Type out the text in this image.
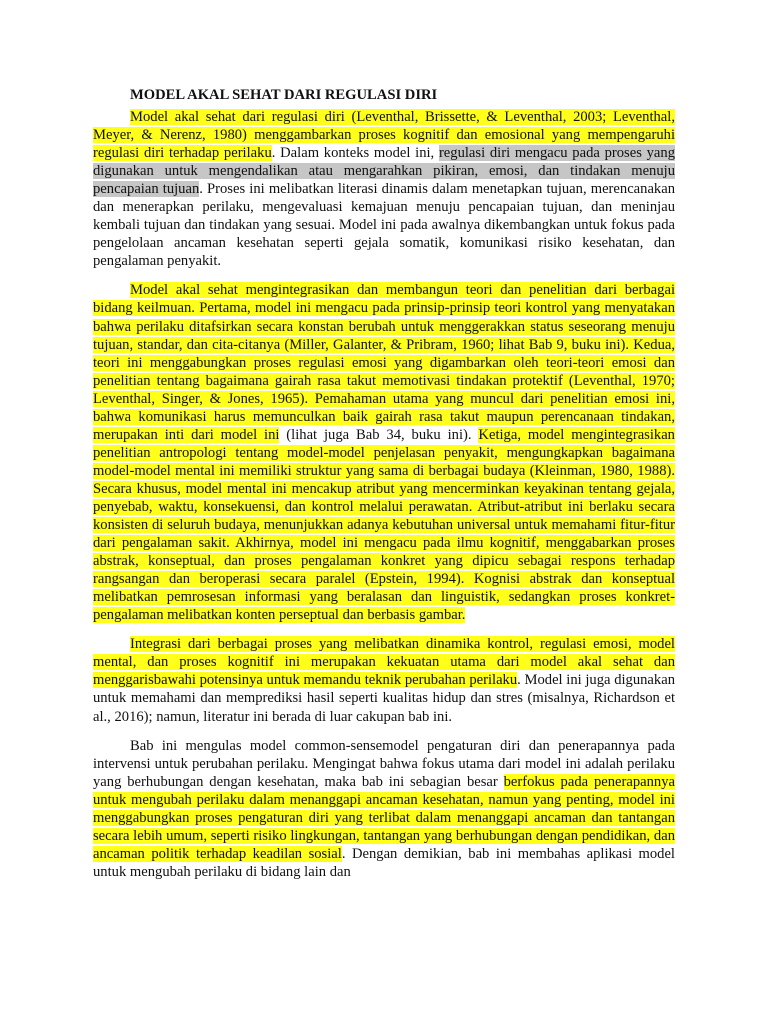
MODEL AKAL SEHAT DARI REGULASI DIRI

Model akal sehat dari regulasi diri (Leventhal, Brissette, & Leventhal, 2003; Leventhal, Meyer, & Nerenz, 1980) menggambarkan proses kognitif dan emosional yang mempengaruhi regulasi diri terhadap perilaku. Dalam konteks model ini, regulasi diri mengacu pada proses yang digunakan untuk mengendalikan atau mengarahkan pikiran, emosi, dan tindakan menuju pencapaian tujuan. Proses ini melibatkan literasi dinamis dalam menetapkan tujuan, merencanakan dan menerapkan perilaku, mengevaluasi kemajuan menuju pencapaian tujuan, dan meninjau kembali tujuan dan tindakan yang sesuai. Model ini pada awalnya dikembangkan untuk fokus pada pengelolaan ancaman kesehatan seperti gejala somatik, komunikasi risiko kesehatan, dan pengalaman penyakit.

Model akal sehat mengintegrasikan dan membangun teori dan penelitian dari berbagai bidang keilmuan. Pertama, model ini mengacu pada prinsip-prinsip teori kontrol yang menyatakan bahwa perilaku ditafsirkan secara konstan berubah untuk menggerakkan status seseorang menuju tujuan, standar, dan cita-citanya (Miller, Galanter, & Pribram, 1960; lihat Bab 9, buku ini). Kedua, teori ini menggabungkan proses regulasi emosi yang digambarkan oleh teori-teori emosi dan penelitian tentang bagaimana gairah rasa takut memotivasi tindakan protektif (Leventhal, 1970; Leventhal, Singer, & Jones, 1965). Pemahaman utama yang muncul dari penelitian emosi ini, bahwa komunikasi harus memunculkan baik gairah rasa takut maupun perencanaan tindakan, merupakan inti dari model ini (lihat juga Bab 34, buku ini). Ketiga, model mengintegrasikan penelitian antropologi tentang model-model penjelasan penyakit, mengungkapkan bagaimana model-model mental ini memiliki struktur yang sama di berbagai budaya (Kleinman, 1980, 1988). Secara khusus, model mental ini mencakup atribut yang mencerminkan keyakinan tentang gejala, penyebab, waktu, konsekuensi, dan kontrol melalui perawatan. Atribut-atribut ini berlaku secara konsisten di seluruh budaya, menunjukkan adanya kebutuhan universal untuk memahami fitur-fitur dari pengalaman sakit. Akhirnya, model ini mengacu pada ilmu kognitif, menggabarkan proses abstrak, konseptual, dan proses pengalaman konkret yang dipicu sebagai respons terhadap rangsangan dan beroperasi secara paralel (Epstein, 1994). Kognisi abstrak dan konseptual melibatkan pemrosesan informasi yang beralasan dan linguistik, sedangkan proses konkret-pengalaman melibatkan konten perseptual dan berbasis gambar.

Integrasi dari berbagai proses yang melibatkan dinamika kontrol, regulasi emosi, model mental, dan proses kognitif ini merupakan kekuatan utama dari model akal sehat dan menggarisbawahi potensinya untuk memandu teknik perubahan perilaku. Model ini juga digunakan untuk memahami dan memprediksi hasil seperti kualitas hidup dan stres (misalnya, Richardson et al., 2016); namun, literatur ini berada di luar cakupan bab ini.

Bab ini mengulas model common-sensemodel pengaturan diri dan penerapannya pada intervensi untuk perubahan perilaku. Mengingat bahwa fokus utama dari model ini adalah perilaku yang berhubungan dengan kesehatan, maka bab ini sebagian besar berfokus pada penerapannya untuk mengubah perilaku dalam menanggapi ancaman kesehatan, namun yang penting, model ini menggabungkan proses pengaturan diri yang terlibat dalam menanggapi ancaman dan tantangan secara lebih umum, seperti risiko lingkungan, tantangan yang berhubungan dengan pendidikan, dan ancaman politik terhadap keadilan sosial. Dengan demikian, bab ini membahas aplikasi model untuk mengubah perilaku di bidang lain dan
